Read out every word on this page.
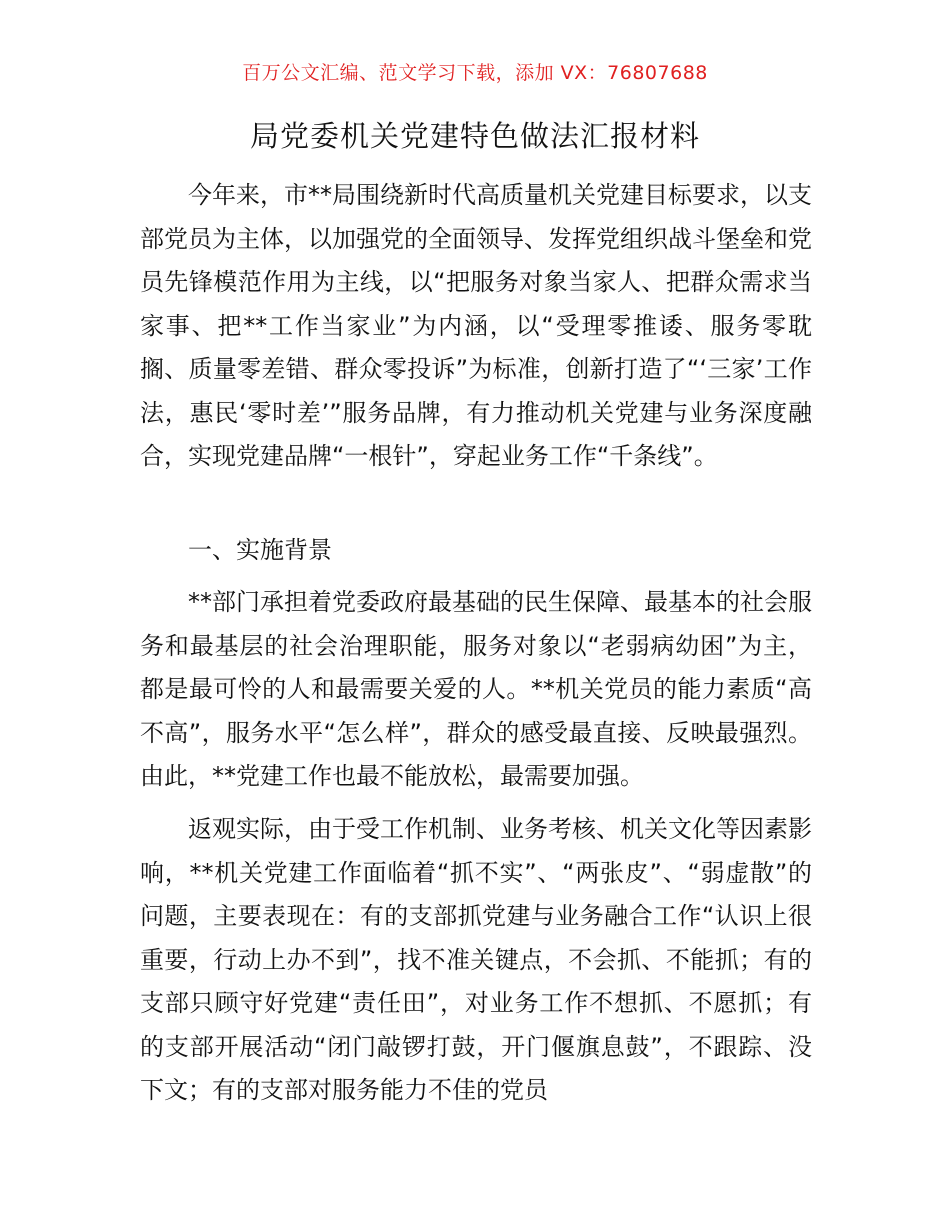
百万公文汇编、范文学习下载，添加 VX：76807688
局党委机关党建特色做法汇报材料

今年来，市**局围绕新时代高质量机关党建目标要求，以支部党员为主体，以加强党的全面领导、发挥党组织战斗堡垒和党员先锋模范作用为主线，以“把服务对象当家人、把群众需求当家事、把**工作当家业”为内涵，以“受理零推诿、服务零耽搁、质量零差错、群众零投诉”为标准，创新打造了“‘三家’工作法，惠民‘零时差’”服务品牌，有力推动机关党建与业务深度融合，实现党建品牌“一根针”，穿起业务工作“千条线”。

一、实施背景

**部门承担着党委政府最基础的民生保障、最基本的社会服务和最基层的社会治理职能，服务对象以“老弱病幼困”为主，都是最可怜的人和最需要关爱的人。**机关党员的能力素质“高不高”，服务水平“怎么样”，群众的感受最直接、反映最强烈。由此，**党建工作也最不能放松，最需要加强。

返观实际，由于受工作机制、业务考核、机关文化等因素影响，**机关党建工作面临着“抓不实”、“两张皮”、“弱虚散”的问题，主要表现在：有的支部抓党建与业务融合工作“认识上很重要，行动上办不到”，找不准关键点，不会抓、不能抓；有的支部只顾守好党建“责任田”，对业务工作不想抓、不愿抓；有的支部开展活动“闭门敲锣打鼓，开门偃旗息鼓”，不跟踪、没下文；有的支部对服务能力不佳的党员
